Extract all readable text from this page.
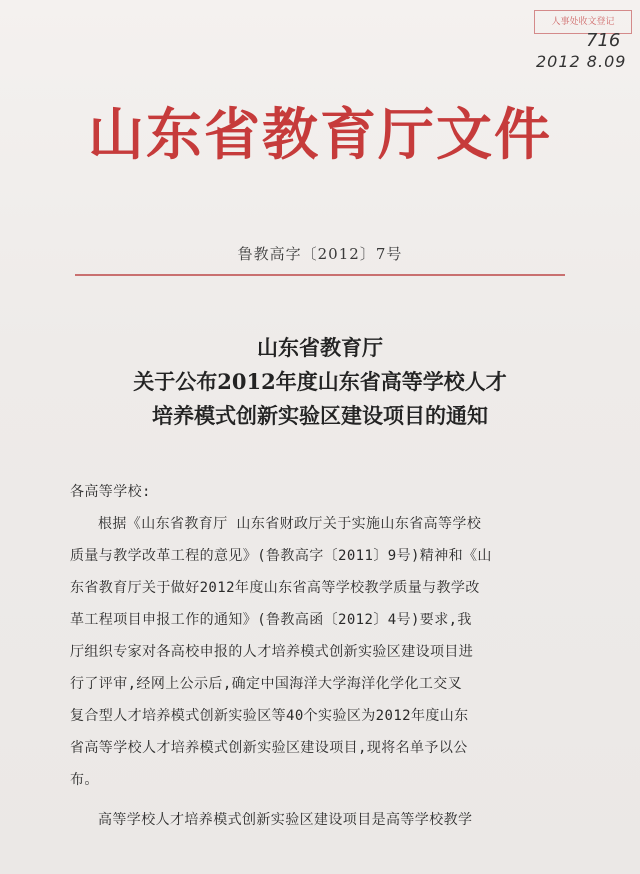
人事处收文登记
716
2012 8.09
山东省教育厅文件
鲁教高字〔2012〕7号
山东省教育厅
关于公布2012年度山东省高等学校人才
培养模式创新实验区建设项目的通知
各高等学校:
根据《山东省教育厅 山东省财政厅关于实施山东省高等学校
质量与教学改革工程的意见》(鲁教高字〔2011〕9号)精神和《山
东省教育厅关于做好2012年度山东省高等学校教学质量与教学改
革工程项目申报工作的通知》(鲁教高函〔2012〕4号)要求,我
厅组织专家对各高校申报的人才培养模式创新实验区建设项目进
行了评审,经网上公示后,确定中国海洋大学海洋化学化工交叉
复合型人才培养模式创新实验区等40个实验区为2012年度山东
省高等学校人才培养模式创新实验区建设项目,现将名单予以公
布。
高等学校人才培养模式创新实验区建设项目是高等学校教学
